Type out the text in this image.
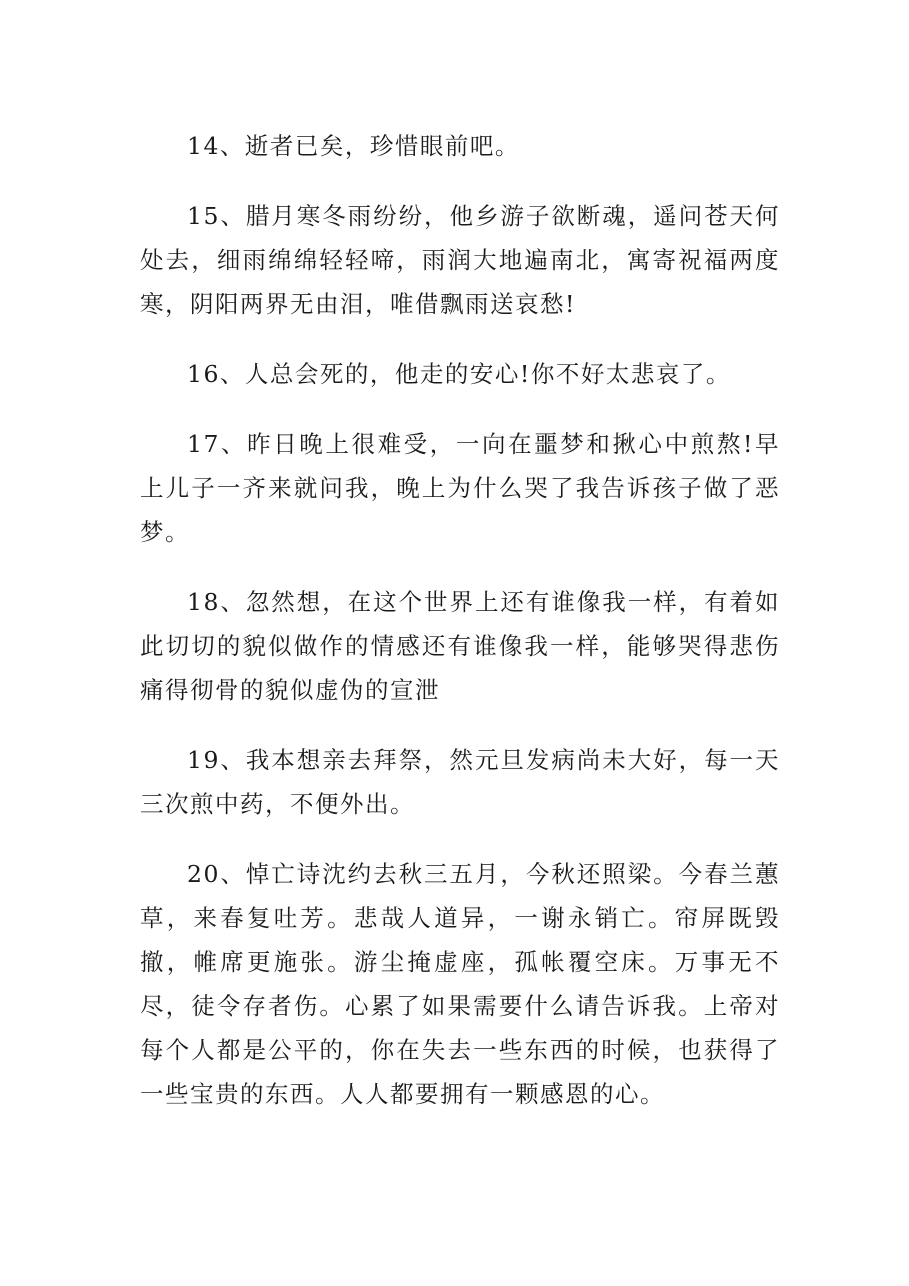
14、逝者已矣，珍惜眼前吧。

15、腊月寒冬雨纷纷，他乡游子欲断魂，遥问苍天何处去，细雨绵绵轻轻啼，雨润大地遍南北，寓寄祝福两度寒，阴阳两界无由泪，唯借飘雨送哀愁!

16、人总会死的，他走的安心!你不好太悲哀了。

17、昨日晚上很难受，一向在噩梦和揪心中煎熬!早上儿子一齐来就问我，晚上为什么哭了我告诉孩子做了恶梦。

18、忽然想，在这个世界上还有谁像我一样，有着如此切切的貌似做作的情感还有谁像我一样，能够哭得悲伤痛得彻骨的貌似虚伪的宣泄

19、我本想亲去拜祭，然元旦发病尚未大好，每一天三次煎中药，不便外出。

20、悼亡诗沈约去秋三五月，今秋还照梁。今春兰蕙草，来春复吐芳。悲哉人道异，一谢永销亡。帘屏既毁撤，帷席更施张。游尘掩虚座，孤帐覆空床。万事无不尽，徒令存者伤。心累了如果需要什么请告诉我。上帝对每个人都是公平的，你在失去一些东西的时候，也获得了一些宝贵的东西。人人都要拥有一颗感恩的心。
